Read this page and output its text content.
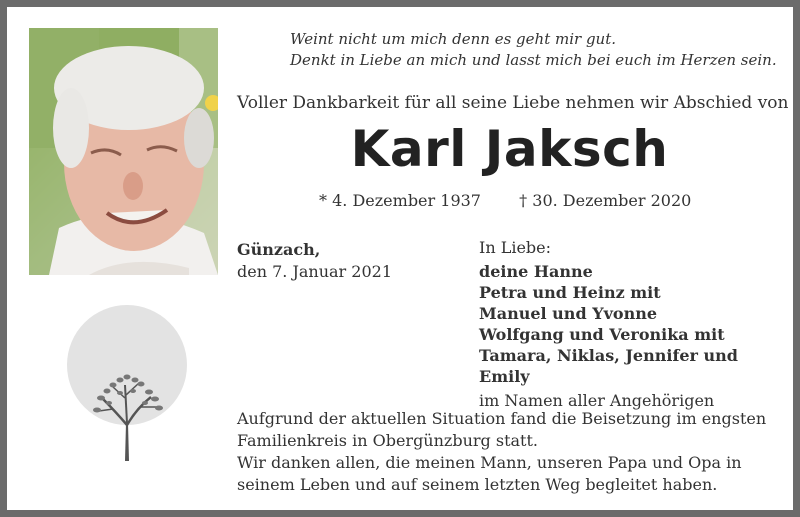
Weint nicht um mich denn es geht mir gut.
Denkt in Liebe an mich und lasst mich bei euch im Herzen sein.
Voller Dankbarkeit für all seine Liebe nehmen wir Abschied von
Karl Jaksch
* 4. Dezember 1937 † 30. Dezember 2020
Günzach,
den 7. Januar 2021
In Liebe:
deine Hanne
Petra und Heinz mit
Manuel und Yvonne
Wolfgang und Veronika mit
Tamara, Niklas, Jennifer und Emily
im Namen aller Angehörigen
Aufgrund der aktuellen Situation fand die Beisetzung im engsten
Familienkreis in Obergünzburg statt.
Wir danken allen, die meinen Mann, unseren Papa und Opa in
seinem Leben und auf seinem letzten Weg begleitet haben.
